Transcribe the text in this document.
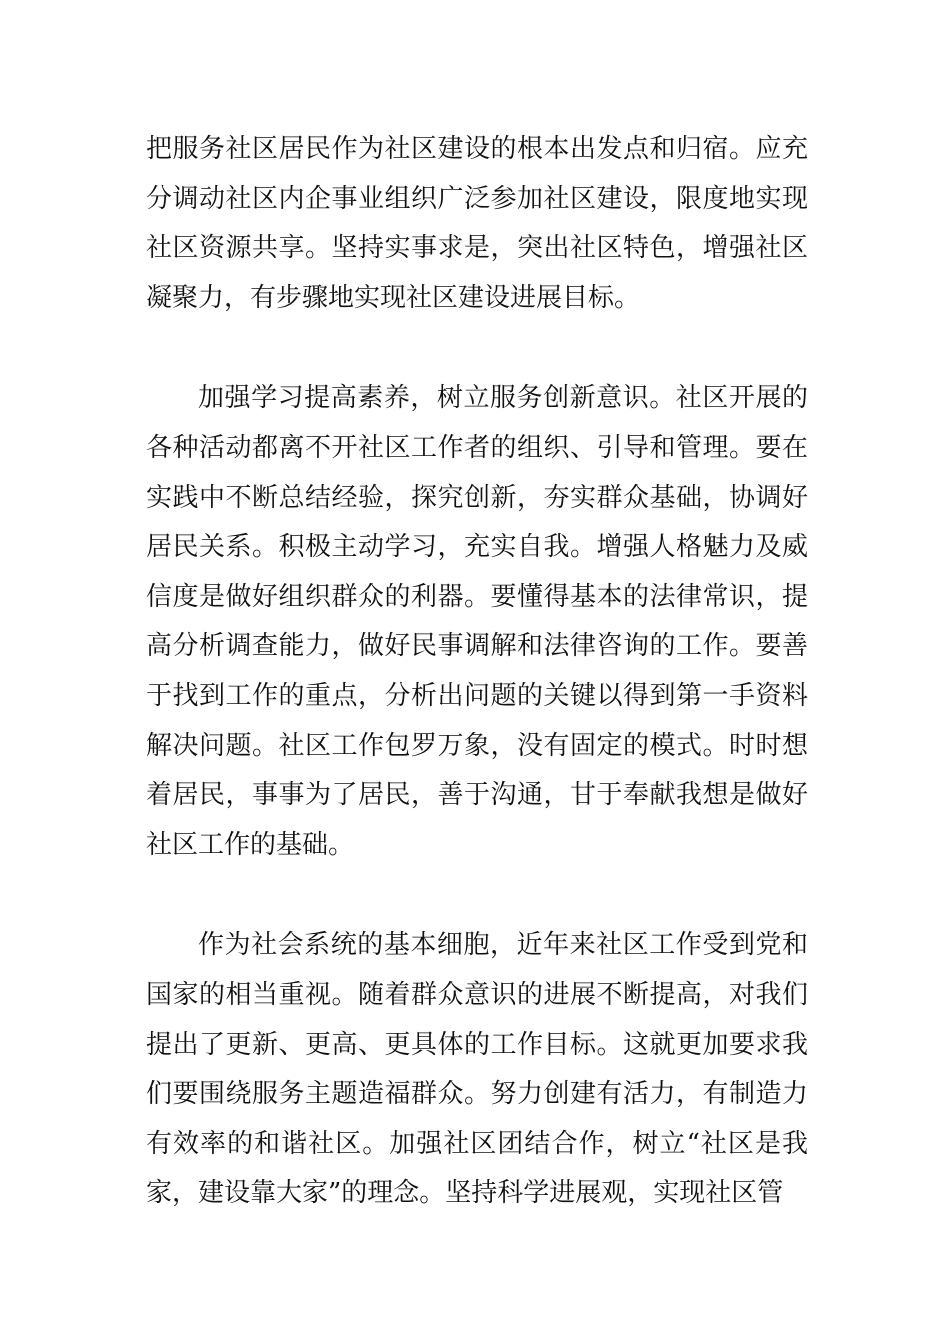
把服务社区居民作为社区建设的根本出发点和归宿。应充分调动社区内企事业组织广泛参加社区建设，限度地实现社区资源共享。坚持实事求是，突出社区特色，增强社区凝聚力，有步骤地实现社区建设进展目标。

加强学习提高素养，树立服务创新意识。社区开展的各种活动都离不开社区工作者的组织、引导和管理。要在实践中不断总结经验，探究创新，夯实群众基础，协调好居民关系。积极主动学习，充实自我。增强人格魅力及威信度是做好组织群众的利器。要懂得基本的法律常识，提高分析调查能力，做好民事调解和法律咨询的工作。要善于找到工作的重点，分析出问题的关键以得到第一手资料解决问题。社区工作包罗万象，没有固定的模式。时时想着居民，事事为了居民，善于沟通，甘于奉献我想是做好社区工作的基础。

作为社会系统的基本细胞，近年来社区工作受到党和国家的相当重视。随着群众意识的进展不断提高，对我们提出了更新、更高、更具体的工作目标。这就更加要求我们要围绕服务主题造福群众。努力创建有活力，有制造力有效率的和谐社区。加强社区团结合作，树立“社区是我家，建设靠大家”的理念。坚持科学进展观，实现社区管
